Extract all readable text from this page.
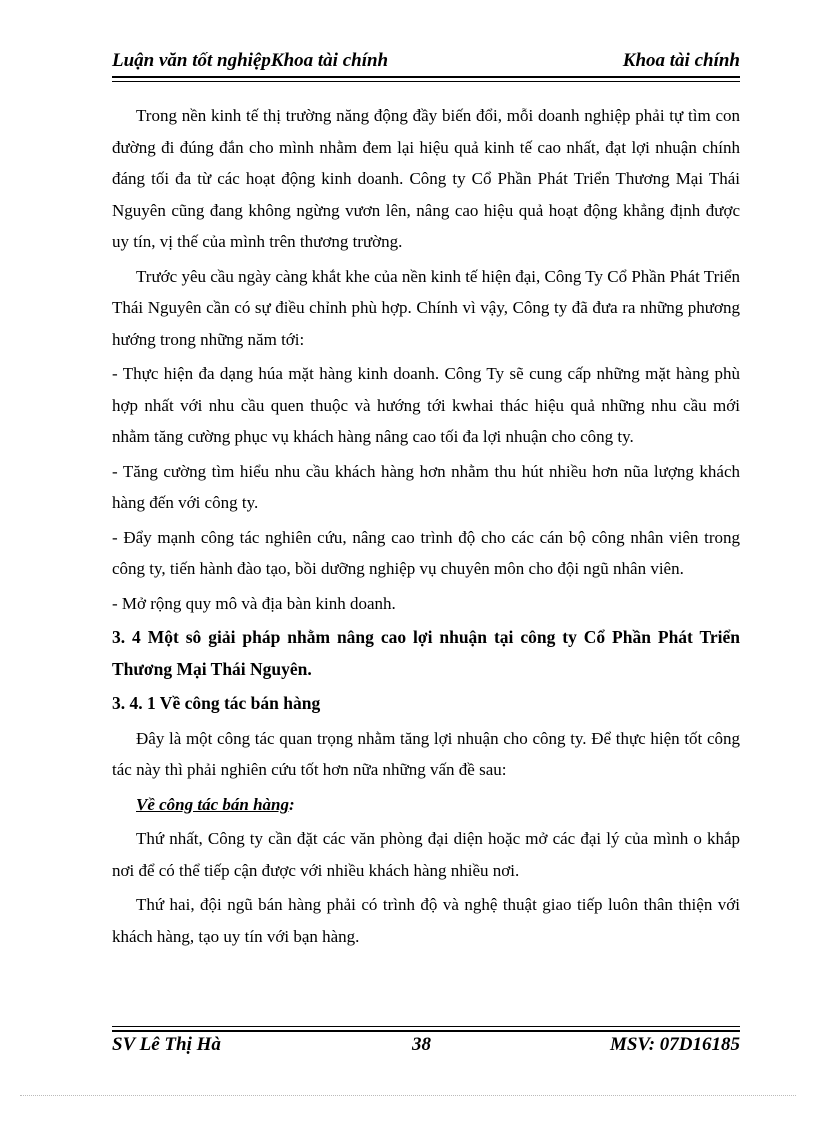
Luận văn tốt nghiệpKhoa tài chính	Khoa tài chính

Trong nền kinh tế thị trường năng động đầy biến đổi, mỗi doanh nghiệp phải tự tìm con đường đi đúng đắn cho mình nhằm đem lại hiệu quả kinh tế cao nhất, đạt lợi nhuận chính đáng tối đa từ các hoạt động kinh doanh. Công ty Cổ Phần Phát Triển Thương Mại Thái Nguyên cũng đang không ngừng vươn lên, nâng cao hiệu quả hoạt động khẳng định được uy tín, vị thế của mình trên thương trường.

Trước yêu cầu ngày càng khắt khe của nền kinh tế hiện đại, Công Ty Cổ Phần Phát Triển Thái Nguyên cần có sự điều chỉnh phù hợp. Chính vì vậy, Công ty đã đưa ra những phương hướng trong những năm tới:

- Thực hiện đa dạng húa mặt hàng kinh doanh. Công Ty sẽ cung cấp những mặt hàng phù hợp nhất với nhu cầu quen thuộc và hướng tới kwhai thác hiệu quả những nhu cầu mới nhằm tăng cường phục vụ khách hàng nâng cao tối đa lợi nhuận cho công ty.

- Tăng cường tìm hiểu nhu cầu khách hàng hơn nhằm thu hút nhiều hơn nũa lượng khách hàng đến với công ty.

- Đẩy mạnh công tác nghiên cứu, nâng cao trình độ cho các cán bộ công nhân viên trong công ty, tiến hành đào tạo, bồi dưỡng nghiệp vụ chuyên môn cho đội ngũ nhân viên.

- Mở rộng quy mô và địa bàn kinh doanh.

3. 4 Một sô giải pháp nhằm nâng cao lợi nhuận tại công ty Cổ Phần Phát Triển Thương Mại Thái Nguyên.

3. 4. 1 Về công tác bán hàng

Đây là một công tác quan trọng nhằm tăng lợi nhuận cho công ty. Để thực hiện tốt công tác này thì phải nghiên cứu tốt hơn nữa những vấn đề sau:

Về công tác bán hàng:

Thứ nhất, Công ty cần đặt các văn phòng đại diện hoặc mở các đại lý của mình o khắp nơi để có thể tiếp cận được với nhiều khách hàng nhiều nơi.

Thứ hai, đội ngũ bán hàng phải có trình độ và nghệ thuật giao tiếp luôn thân thiện với khách hàng, tạo uy tín với bạn hàng.

SV Lê Thị Hà	38	MSV: 07D16185
